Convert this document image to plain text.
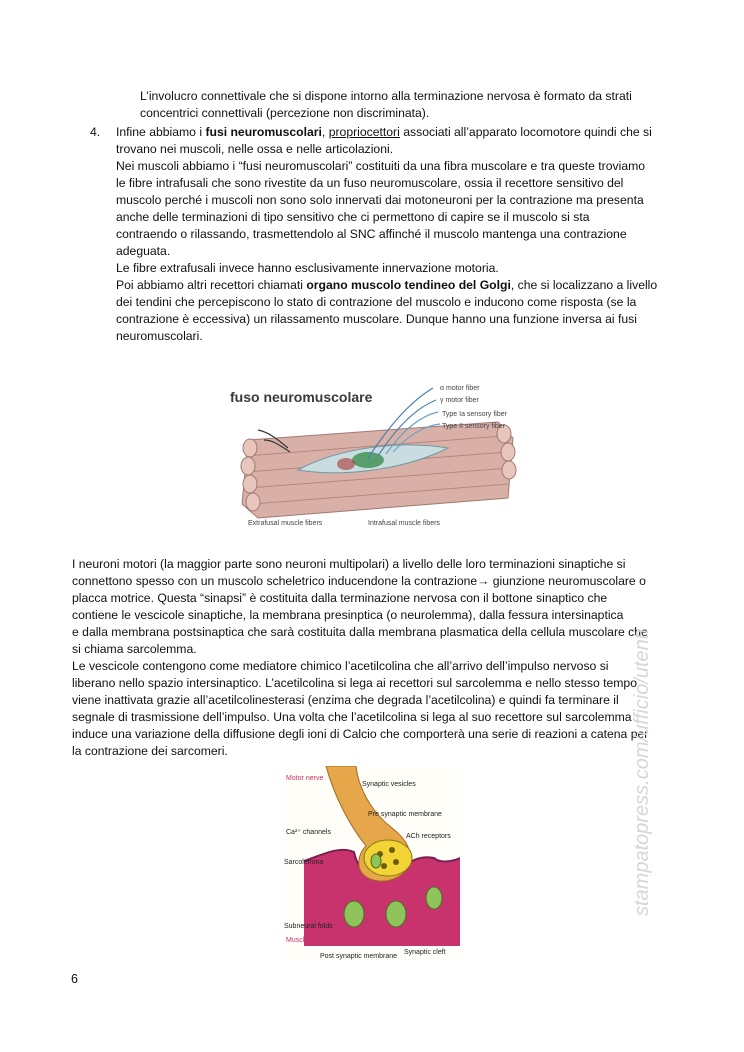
L’involucro connettivale che si dispone intorno alla terminazione nervosa è formato da strati
concentrici connettivali (percezione non discriminata).
4. Infine abbiamo i fusi neuromuscolari, propriocettori associati all’apparato locomotore quindi che si
trovano nei muscoli, nelle ossa e nelle articolazioni.
Nei muscoli abbiamo i “fusi neuromuscolari” costituiti da una fibra muscolare e tra queste troviamo
le fibre intrafusali che sono rivestite da un fuso neuromuscolare, ossia il recettore sensitivo del
muscolo perché i muscoli non sono solo innervati dai motoneuroni per la contrazione ma presenta
anche delle terminazioni di tipo sensitivo che ci permettono di capire se il muscolo si sta
contraendo o rilassando, trasmettendolo al SNC affinché il muscolo mantenga una contrazione
adeguata.
Le fibre extrafusali invece hanno esclusivamente innervazione motoria.
Poi abbiamo altri recettori chiamati organo muscolo tendineo del Golgi, che si localizzano a livello
dei tendini che percepiscono lo stato di contrazione del muscolo e inducono come risposta (se la
contrazione è eccessiva) un rilassamento muscolare. Dunque hanno una funzione inversa ai fusi
neuromuscolari.
fuso neuromuscolare
α motor fiber
γ motor fiber
Type Ia sensory fiber
Type II sensory fiber
Extrafusal muscle fibers	Intrafusal muscle fibers
I neuroni motori (la maggior parte sono neuroni multipolari) a livello delle loro terminazioni sinaptiche si
connettono spesso con un muscolo scheletrico inducendone la contrazione→ giunzione neuromuscolare o
placca motrice. Questa “sinapsi” è costituita dalla terminazione nervosa con il bottone sinaptico che
contiene le vescicole sinaptiche, la membrana presinptica (o neurolemma), dalla fessura intersinaptica
e dalla membrana postsinaptica che sarà costituita dalla membrana plasmatica della cellula muscolare che
si chiama sarcolemma.
Le vescicole contengono come mediatore chimico l’acetilcolina che all’arrivo dell’impulso nervoso si
liberano nello spazio intersinaptico. L’acetilcolina si lega ai recettori sul sarcolemma e nello stesso tempo
viene inattivata grazie all’acetilcolinesterasi (enzima che degrada l’acetilcolina) e quindi fa terminare il
segnale di trasmissione dell’impulso. Una volta che l’acetilcolina si lega al suo recettore sul sarcolemma
induce una variazione della diffusione degli ioni di Calcio che comporterà una serie di reazioni a catena per
la contrazione dei sarcomeri.
Motor nerve
Synaptic vesicles
Pre synaptic membrane
Ca²⁺ channels
ACh receptors
Sarcolemma
Subneural folds
Muscle fiber
Post synaptic membrane
Synaptic cleft
stampatopress.com/ufficio/utenti
6
